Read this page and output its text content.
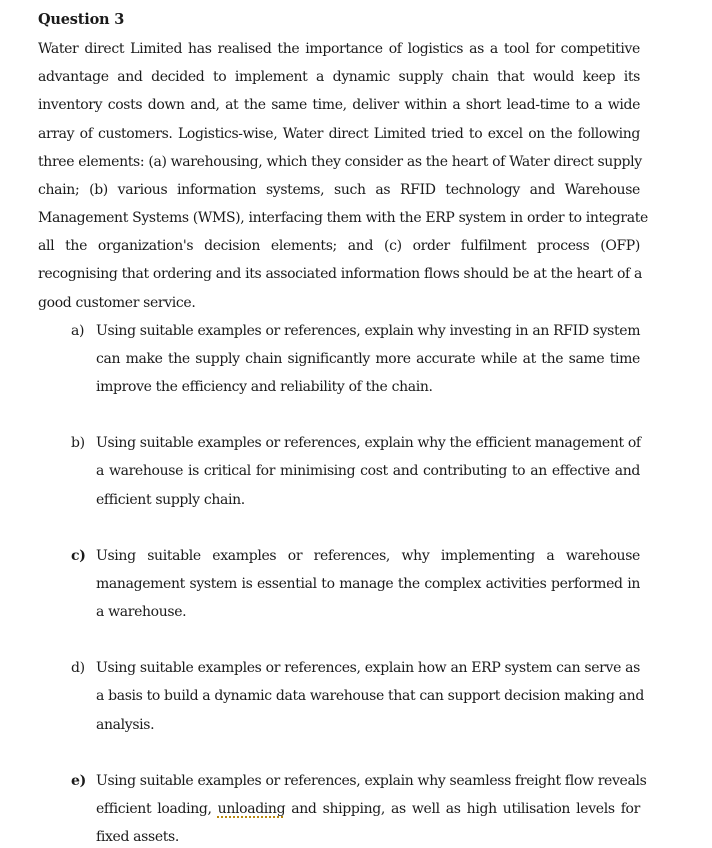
Question 3
Water direct Limited has realised the importance of logistics as a tool for competitive
advantage and decided to implement a dynamic supply chain that would keep its
inventory costs down and, at the same time, deliver within a short lead-time to a wide
array of customers. Logistics-wise, Water direct Limited tried to excel on the following
three elements: (a) warehousing, which they consider as the heart of Water direct supply
chain; (b) various information systems, such as RFID technology and Warehouse
Management Systems (WMS), interfacing them with the ERP system in order to integrate
all the organization's decision elements; and (c) order fulfilment process (OFP)
recognising that ordering and its associated information flows should be at the heart of a
good customer service.
a) Using suitable examples or references, explain why investing in an RFID system
can make the supply chain significantly more accurate while at the same time
improve the efficiency and reliability of the chain.
b) Using suitable examples or references, explain why the efficient management of
a warehouse is critical for minimising cost and contributing to an effective and
efficient supply chain.
c) Using suitable examples or references, why implementing a warehouse
management system is essential to manage the complex activities performed in
a warehouse.
d) Using suitable examples or references, explain how an ERP system can serve as
a basis to build a dynamic data warehouse that can support decision making and
analysis.
e) Using suitable examples or references, explain why seamless freight flow reveals
efficient loading, unloading and shipping, as well as high utilisation levels for
fixed assets.
